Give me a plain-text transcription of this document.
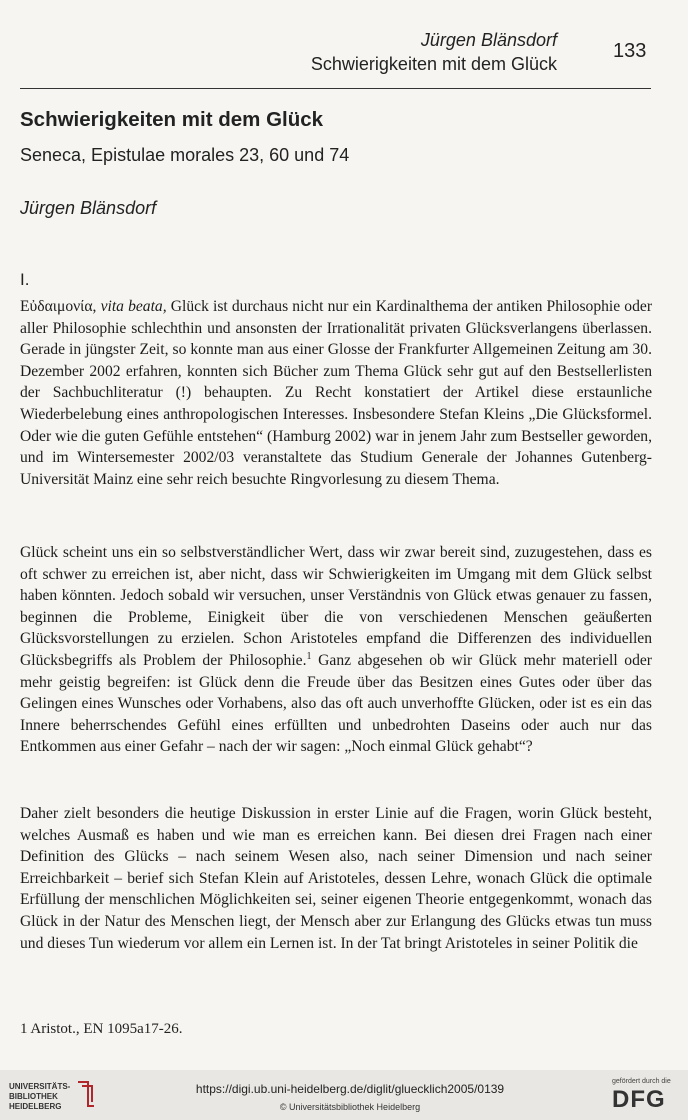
Jürgen Blänsdorf
Schwierigkeiten mit dem Glück
133
Schwierigkeiten mit dem Glück
Seneca, Epistulae morales 23, 60 und 74
Jürgen Blänsdorf
I.

Εὐδαιμονία, vita beata, Glück ist durchaus nicht nur ein Kardinalthema der antiken Philosophie oder aller Philosophie schlechthin und ansonsten der Irrationalität privaten Glücksverlangens überlassen. Gerade in jüngster Zeit, so konnte man aus einer Glosse der Frankfurter Allgemeinen Zeitung am 30. Dezember 2002 erfahren, konnten sich Bücher zum Thema Glück sehr gut auf den Bestsellerlisten der Sachbuchliteratur (!) behaupten. Zu Recht konstatiert der Artikel diese erstaunliche Wiederbelebung eines anthropologischen Interesses. Insbesondere Stefan Kleins „Die Glücksformel. Oder wie die guten Gefühle entstehen“ (Hamburg 2002) war in jenem Jahr zum Bestseller geworden, und im Wintersemester 2002/03 veranstaltete das Studium Generale der Johannes Gutenberg-Universität Mainz eine sehr reich besuchte Ringvorlesung zu diesem Thema.

Glück scheint uns ein so selbstverständlicher Wert, dass wir zwar bereit sind, zuzugestehen, dass es oft schwer zu erreichen ist, aber nicht, dass wir Schwierigkeiten im Umgang mit dem Glück selbst haben könnten. Jedoch sobald wir versuchen, unser Verständnis von Glück etwas genauer zu fassen, beginnen die Probleme, Einigkeit über die von verschiedenen Menschen geäußerten Glücksvorstellungen zu erzielen. Schon Aristoteles empfand die Differenzen des individuellen Glücksbegriffs als Problem der Philosophie.$^1$ Ganz abgesehen ob wir Glück mehr materiell oder mehr geistig begreifen: ist Glück denn die Freude über das Besitzen eines Gutes oder über das Gelingen eines Wunsches oder Vorhabens, also das oft auch unverhoffte Glücken, oder ist es ein das Innere beherrschendes Gefühl eines erfüllten und unbedrohten Daseins oder auch nur das Entkommen aus einer Gefahr – nach der wir sagen: „Noch einmal Glück gehabt“?

Daher zielt besonders die heutige Diskussion in erster Linie auf die Fragen, worin Glück besteht, welches Ausmaß es haben und wie man es erreichen kann. Bei diesen drei Fragen nach einer Definition des Glücks – nach seinem Wesen also, nach seiner Dimension und nach seiner Erreichbarkeit – berief sich Stefan Klein auf Aristoteles, dessen Lehre, wonach Glück die optimale Erfüllung der menschlichen Möglichkeiten sei, seiner eigenen Theorie entgegenkommt, wonach das Glück in der Natur des Menschen liegt, der Mensch aber zur Erlangung des Glücks etwas tun muss und dieses Tun wiederum vor allem ein Lernen ist. In der Tat bringt Aristoteles in seiner Politik die

1 Aristot., EN 1095a17-26.
UNIVERSITÄTS-
BIBLIOTHEK
HEIDELBERG
https://digi.ub.uni-heidelberg.de/diglit/gluecklich2005/0139
© Universitätsbibliothek Heidelberg
gefördert durch die
DFG
